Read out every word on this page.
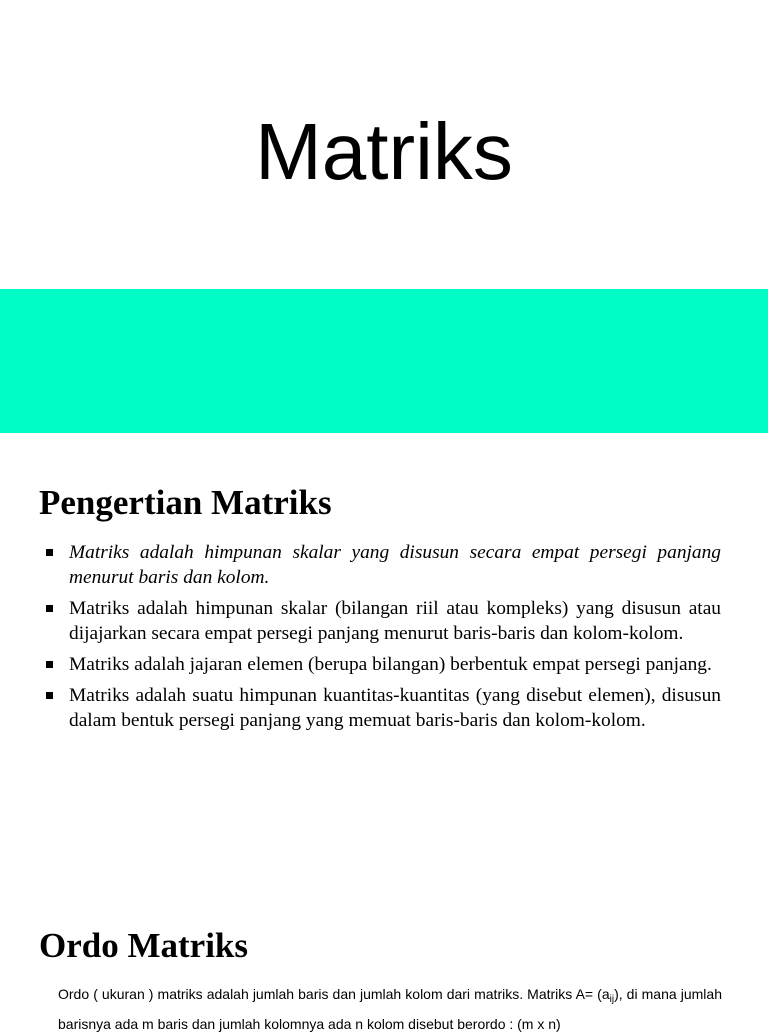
Matriks
Pengertian Matriks
Matriks adalah himpunan skalar yang disusun secara empat persegi panjang menurut baris dan kolom.
Matriks adalah himpunan skalar (bilangan riil atau kompleks) yang disusun atau dijajarkan secara empat persegi panjang menurut baris-baris dan kolom-kolom.
Matriks adalah jajaran elemen (berupa bilangan) berbentuk empat persegi panjang.
Matriks adalah suatu himpunan kuantitas-kuantitas (yang disebut elemen), disusun dalam bentuk persegi panjang yang memuat baris-baris dan kolom-kolom.
Ordo Matriks

Ordo ( ukuran ) matriks adalah jumlah baris dan jumlah kolom dari matriks. Matriks $A= (a_{ij})$, di mana jumlah barisnya ada m baris dan jumlah kolomnya ada n kolom disebut berordo : (m x n)
